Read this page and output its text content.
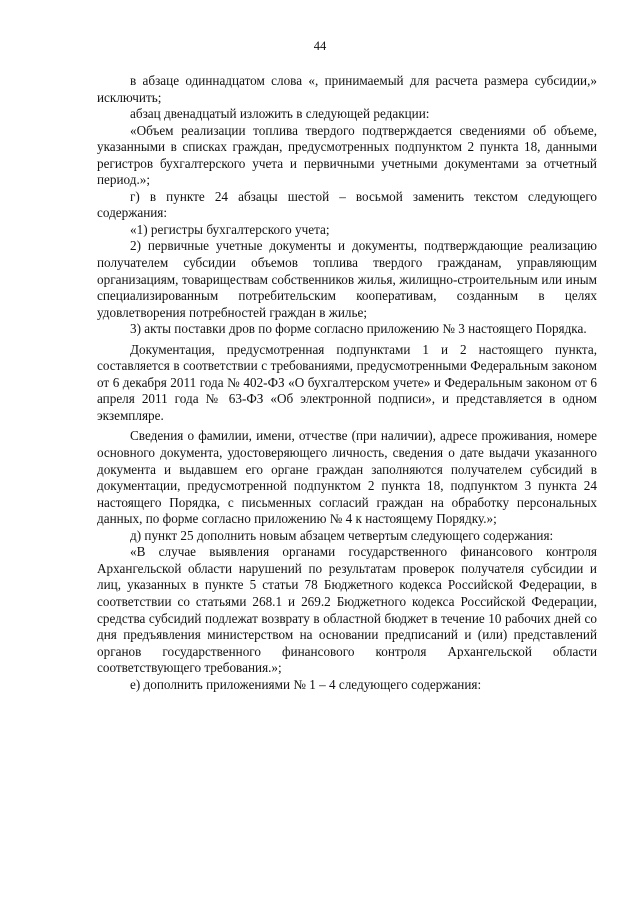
44

в абзаце одиннадцатом слова «, принимаемый для расчета размера субсидии,» исключить;

абзац двенадцатый изложить в следующей редакции:

«Объем реализации топлива твердого подтверждается сведениями об объеме, указанными в списках граждан, предусмотренных подпунктом 2 пункта 18, данными регистров бухгалтерского учета и первичными учетными документами за отчетный период.»;

г) в пункте 24 абзацы шестой – восьмой заменить текстом следующего содержания:

«1) регистры бухгалтерского учета;

2) первичные учетные документы и документы, подтверждающие реализацию получателем субсидии объемов топлива твердого гражданам, управляющим организациям, товариществам собственников жилья, жилищно-строительным или иным специализированным потребительским кооперативам, созданным в целях удовлетворения потребностей граждан в жилье;

3) акты поставки дров по форме согласно приложению № 3 настоящего Порядка.

Документация, предусмотренная подпунктами 1 и 2 настоящего пункта, составляется в соответствии с требованиями, предусмотренными Федеральным законом от 6 декабря 2011 года № 402-ФЗ «О бухгалтерском учете» и Федеральным законом от 6 апреля 2011 года № 63-ФЗ «Об электронной подписи», и представляется в одном экземпляре.

Сведения о фамилии, имени, отчестве (при наличии), адресе проживания, номере основного документа, удостоверяющего личность, сведения о дате выдачи указанного документа и выдавшем его органе граждан заполняются получателем субсидий в документации, предусмотренной подпунктом 2 пункта 18, подпунктом 3 пункта 24 настоящего Порядка, с письменных согласий граждан на обработку персональных данных, по форме согласно приложению № 4 к настоящему Порядку.»;

д) пункт 25 дополнить новым абзацем четвертым следующего содержания:

«В случае выявления органами государственного финансового контроля Архангельской области нарушений по результатам проверок получателя субсидии и лиц, указанных в пункте 5 статьи 78 Бюджетного кодекса Российской Федерации, в соответствии со статьями 268.1 и 269.2 Бюджетного кодекса Российской Федерации, средства субсидий подлежат возврату в областной бюджет в течение 10 рабочих дней со дня предъявления министерством на основании предписаний и (или) представлений органов государственного финансового контроля Архангельской области соответствующего требования.»;

е) дополнить приложениями № 1 – 4 следующего содержания:
